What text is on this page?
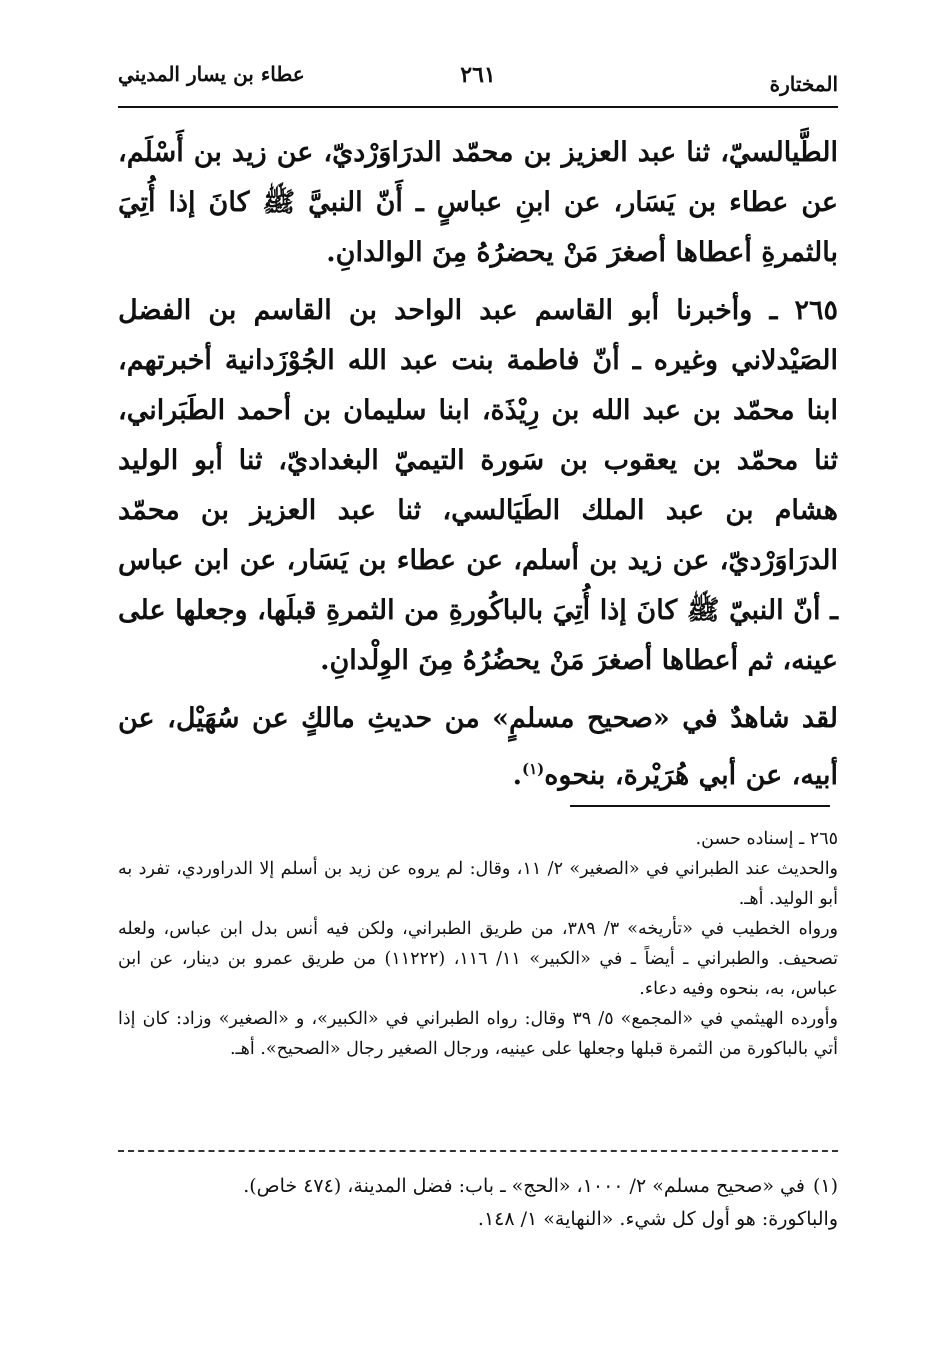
المختارة
٢٦١
عطاء بن يسار المديني

الطَّيالسيّ، ثنا عبد العزيز بن محمّد الدرَاوَرْديّ، عن زيد بن أَسْلَم، عن عطاء بن يَسَار، عن ابنِ عباسٍ ـ أَنّ النبيَّ ﷺ كانَ إذا أُتِيَ بالثمرةِ أعطاها أصغرَ مَنْ يحضرُهُ مِنَ الوالدانِ.

٢٦٥ ـ وأخبرنا أبو القاسم عبد الواحد بن القاسم بن الفضل الصَيْدلاني وغيره ـ أنّ فاطمة بنت عبد الله الجُوْزَدانية أخبرتهم، ابنا محمّد بن عبد الله بن رِيْذَة، ابنا سليمان بن أحمد الطَبَراني، ثنا محمّد بن يعقوب بن سَورة التيميّ البغداديّ، ثنا أبو الوليد هشام بن عبد الملك الطَيَالسي، ثنا عبد العزيز بن محمّد الدرَاوَرْديّ، عن زيد بن أسلم، عن عطاء بن يَسَار، عن ابن عباس ـ أنّ النبيّ ﷺ كانَ إذا أُتِيَ بالباكُورةِ من الثمرةِ قبلَها، وجعلها على عينه، ثم أعطاها أصغرَ مَنْ يحضُرُهُ مِنَ الوِلْدانِ.

لقد شاهدٌ في «صحيح مسلمٍ» من حديثِ مالكٍ عن سُهَيْل، عن أبيه، عن أبي هُرَيْرة، بنحوه$^{(١)}$.

٢٦٥ ـ إسناده حسن.

والحديث عند الطبراني في «الصغير» ٢/ ١١، وقال: لم يروه عن زيد بن أسلم إلا الدراوردي، تفرد به أبو الوليد. أهـ.

ورواه الخطيب في «تأريخه» ٣/ ٣٨٩، من طريق الطبراني، ولكن فيه أنس بدل ابن عباس، ولعله تصحيف. والطبراني ـ أيضاً ـ في «الكبير» ١١/ ١١٦، (١١٢٢٢) من طريق عمرو بن دينار، عن ابن عباس، به، بنحوه وفيه دعاء.

وأورده الهيثمي في «المجمع» ٥/ ٣٩ وقال: رواه الطبراني في «الكبير»، و «الصغير» وزاد: كان إذا أتي بالباكورة من الثمرة قبلها وجعلها على عينيه، ورجال الصغير رجال «الصحيح». أهـ.

(١)في «صحيح مسلم» ٢/ ١٠٠٠، «الحج» ـ باب: فضل المدينة، (٤٧٤ خاص).

والباكورة: هو أول كل شيء. «النهاية» ١/ ١٤٨.
